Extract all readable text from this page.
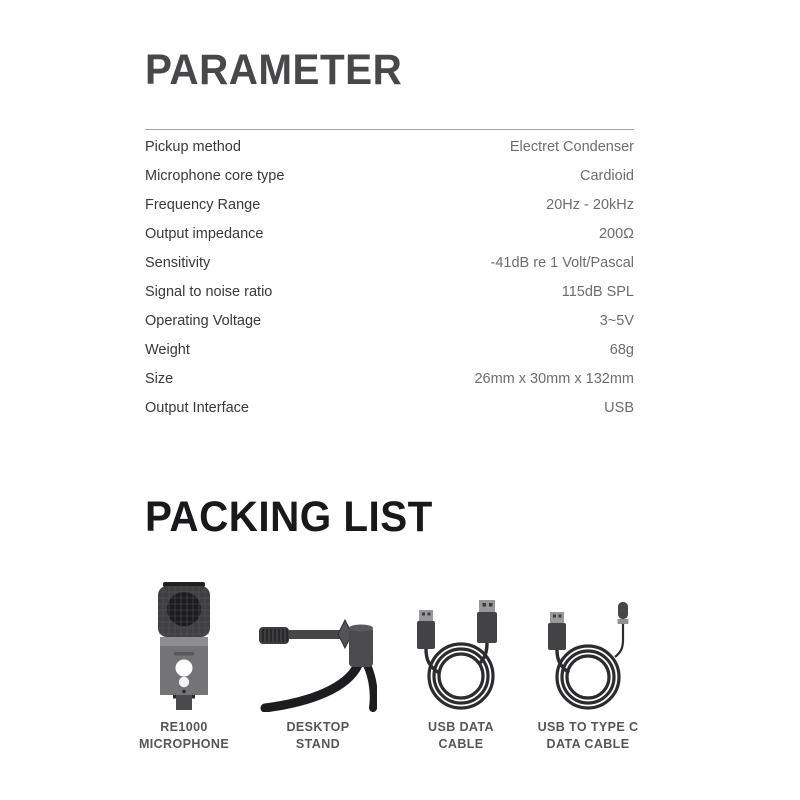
PARAMETER
Pickup method	Electret Condenser
Microphone core type	Cardioid
Frequency Range	20Hz - 20kHz
Output impedance	200Ω
Sensitivity	-41dB re 1 Volt/Pascal
Signal to noise ratio	115dB SPL
Operating Voltage	3~5V
Weight	68g
Size	26mm x 30mm x 132mm
Output Interface	USB
PACKING LIST
RE1000
MICROPHONE
DESKTOP
STAND
USB DATA
CABLE
USB TO TYPE C
DATA CABLE
